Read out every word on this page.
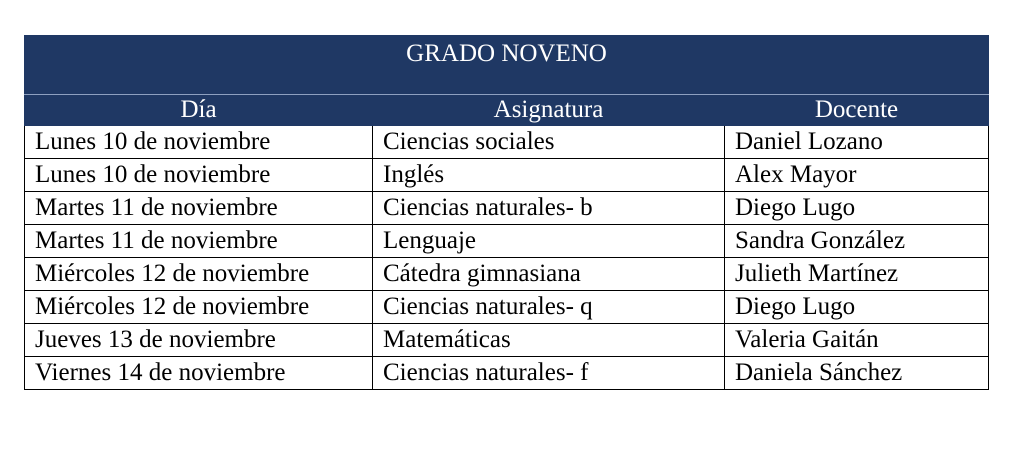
GRADO NOVENO		
Día	Asignatura	Docente
Lunes 10 de noviembre	Ciencias sociales	Daniel Lozano
Lunes 10 de noviembre	Inglés	Alex Mayor
Martes 11 de noviembre	Ciencias naturales- b	Diego Lugo
Martes 11 de noviembre	Lenguaje	Sandra González
Miércoles 12 de noviembre	Cátedra gimnasiana	Julieth Martínez
Miércoles 12 de noviembre	Ciencias naturales- q	Diego Lugo
Jueves 13 de noviembre	Matemáticas	Valeria Gaitán
Viernes 14 de noviembre	Ciencias naturales- f	Daniela Sánchez
